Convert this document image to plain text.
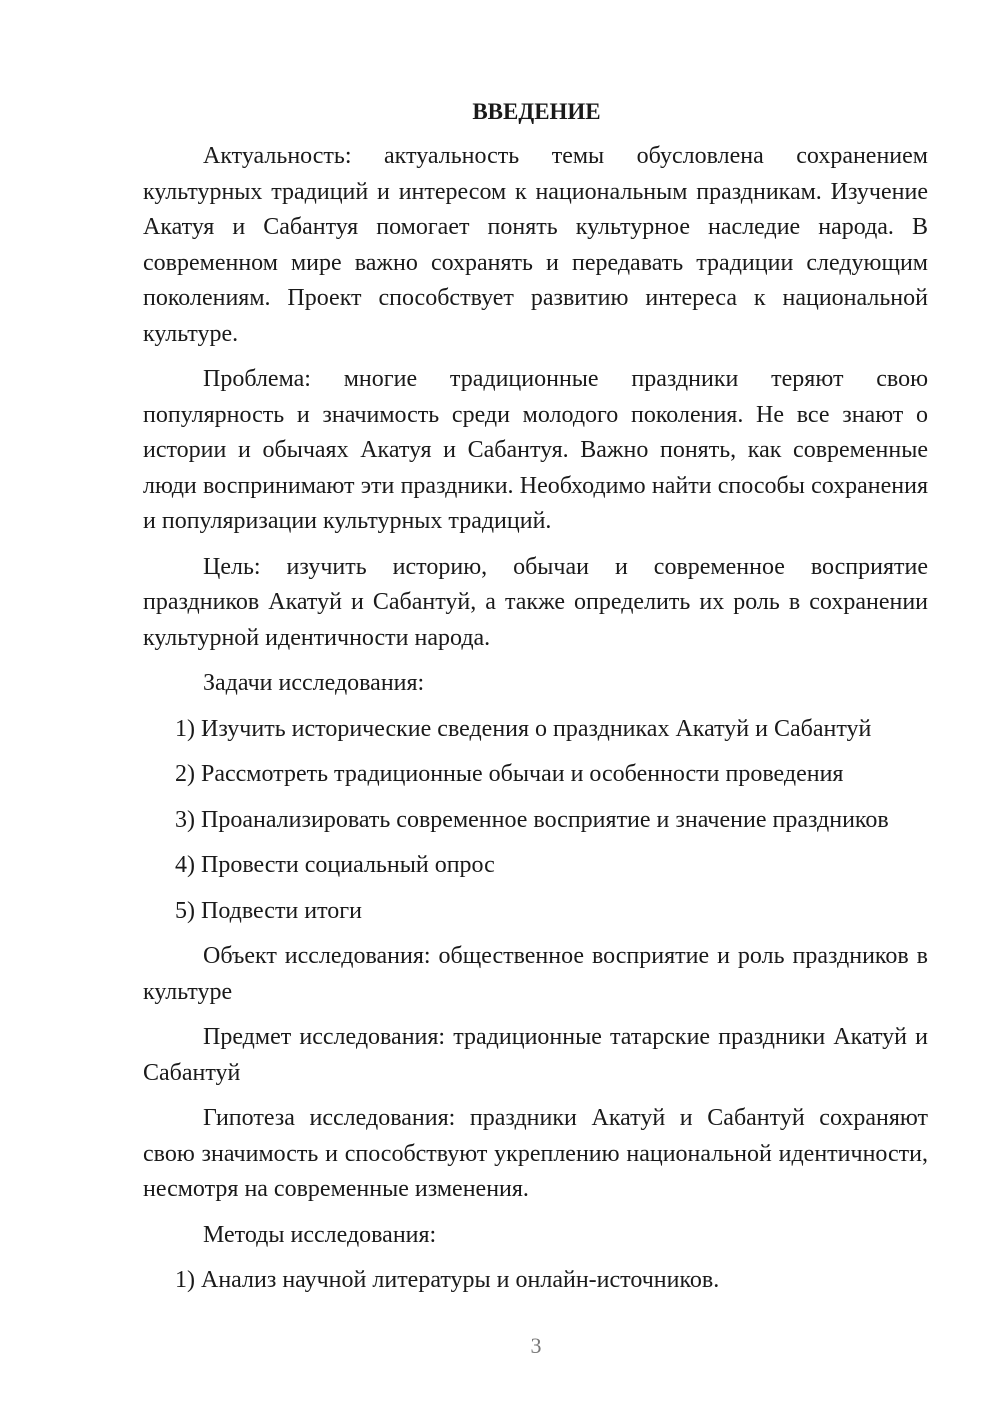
ВВЕДЕНИЕ
Актуальность: актуальность темы обусловлена сохранением культурных традиций и интересом к национальным праздникам. Изучение Акатуя и Сабантуя помогает понять культурное наследие народа. В современном мире важно сохранять и передавать традиции следующим поколениям. Проект способствует развитию интереса к национальной культуре.
Проблема: многие традиционные праздники теряют свою популярность и значимость среди молодого поколения. Не все знают о истории и обычаях Акатуя и Сабантуя. Важно понять, как современные люди воспринимают эти праздники. Необходимо найти способы сохранения и популяризации культурных традиций.
Цель: изучить историю, обычаи и современное восприятие праздников Акатуй и Сабантуй, а также определить их роль в сохранении культурной идентичности народа.
Задачи исследования:
1) Изучить исторические сведения о праздниках Акатуй и Сабантуй
2) Рассмотреть традиционные обычаи и особенности проведения
3) Проанализировать современное восприятие и значение праздников
4) Провести социальный опрос
5) Подвести итоги
Объект исследования: общественное восприятие и роль праздников в культуре
Предмет исследования: традиционные татарские праздники Акатуй и Сабантуй
Гипотеза исследования: праздники Акатуй и Сабантуй сохраняют свою значимость и способствуют укреплению национальной идентичности, несмотря на современные изменения.
Методы исследования:
1) Анализ научной литературы и онлайн-источников.
3
